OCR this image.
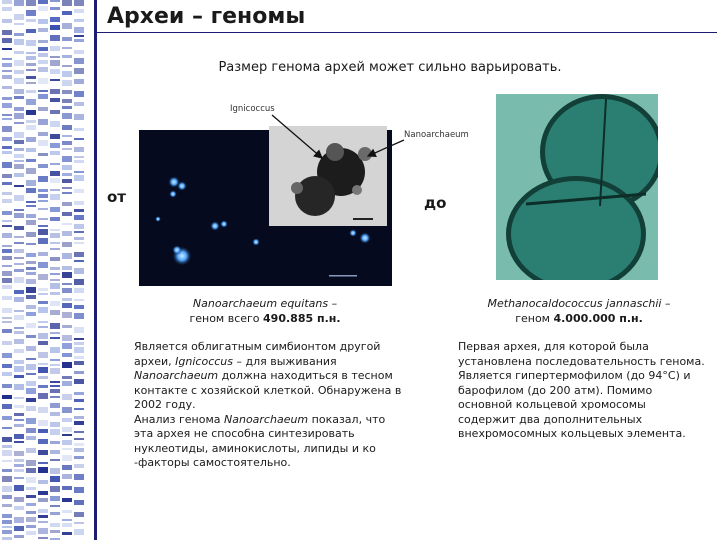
Археи – геномы
Размер генома архей может сильно варьировать.
Ignicoccus
Nanoarchaeum
от	до
Nanoarchaeum equitans –
геном всего 490.885 п.н.
Methanocaldococcus jannaschii –
геном 4.000.000 п.н.
Является облигатным симбионтом другой археи, Ignicoccus – для выживания Nanoarchaeum должна находиться в тесном контакте с хозяйской клеткой. Обнаружена в 2002 году.
Анализ генома Nanoarchaeum показал, что эта архея не способна синтезировать нуклеотиды, аминокислоты, липиды и ко -факторы самостоятельно.
Первая архея, для которой была установлена последовательность генома. Является гипертермофилом (до 94°С) и барофилом (до 200 атм). Помимо основной кольцевой хромосомы содержит два дополнительных внехромосомных кольцевых элемента.
